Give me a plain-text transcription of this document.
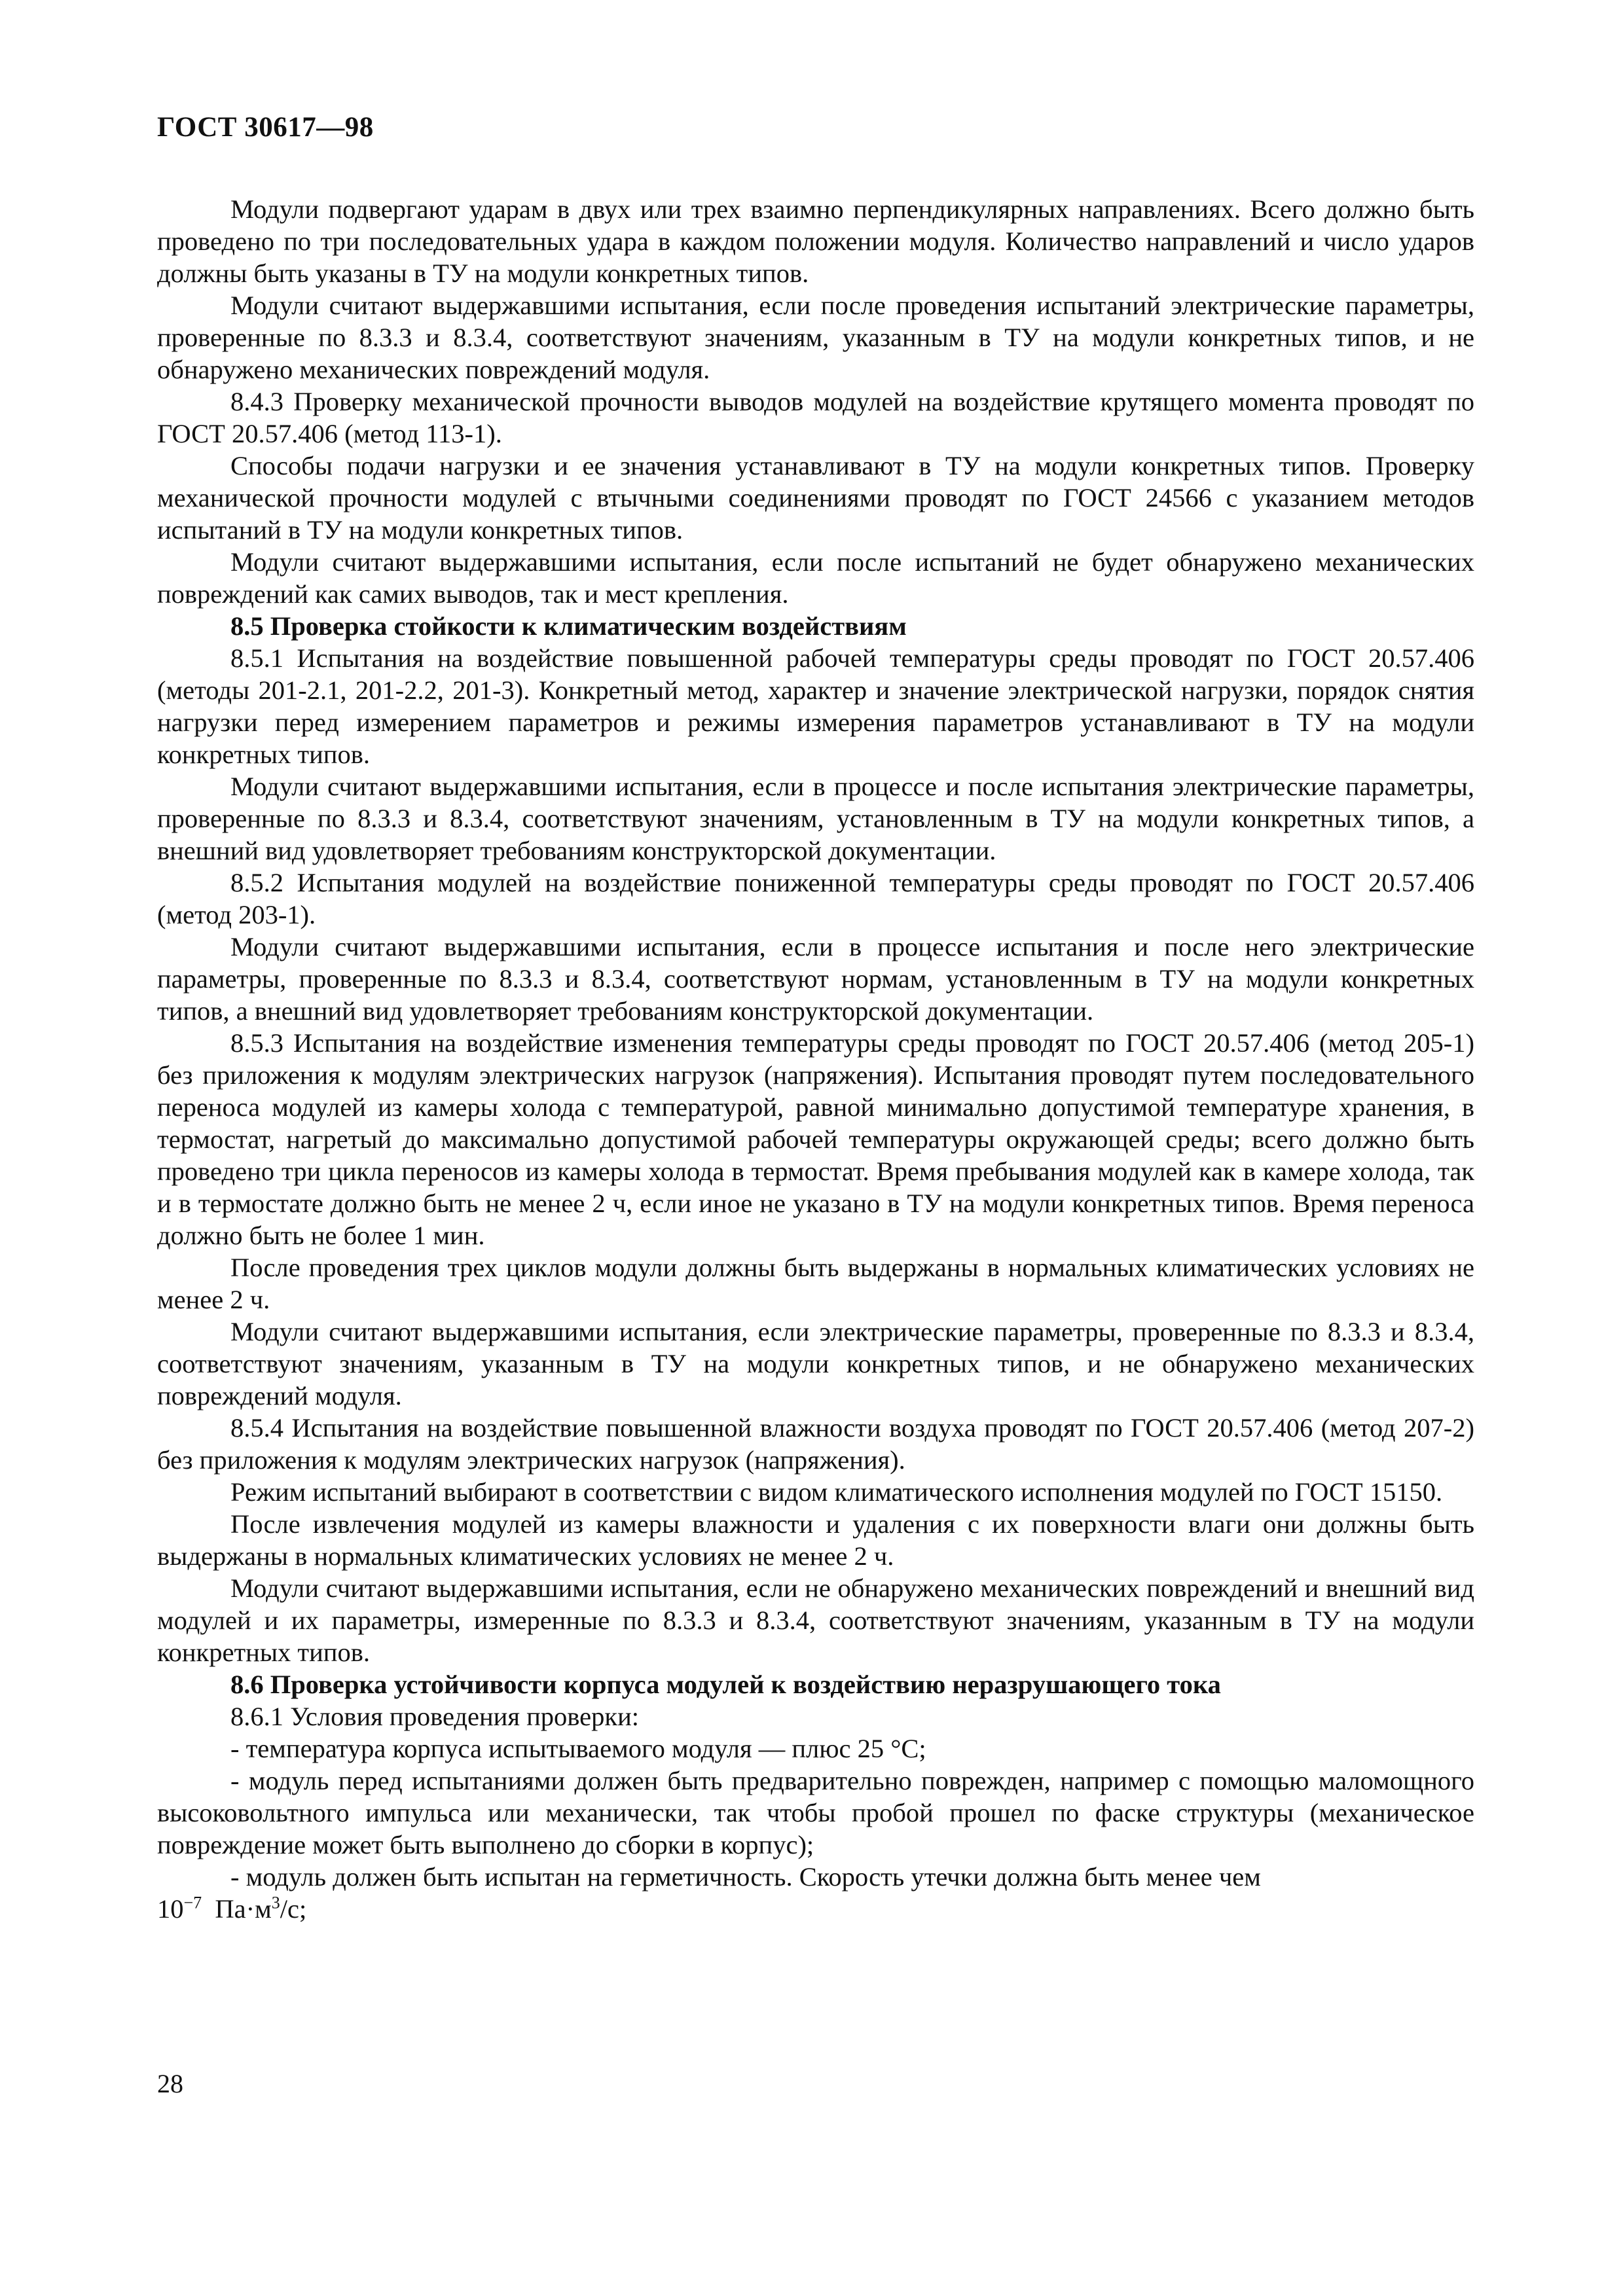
ГОСТ 30617—98

Модули подвергают ударам в двух или трех взаимно перпендикулярных направлениях. Всего должно быть проведено по три последовательных удара в каждом положении модуля. Количество направлений и число ударов должны быть указаны в ТУ на модули конкретных типов.

Модули считают выдержавшими испытания, если после проведения испытаний электрические параметры, проверенные по 8.3.3 и 8.3.4, соответствуют значениям, указанным в ТУ на модули конкретных типов, и не обнаружено механических повреждений модуля.

8.4.3 Проверку механической прочности выводов модулей на воздействие крутящего момента проводят по ГОСТ 20.57.406 (метод 113-1).

Способы подачи нагрузки и ее значения устанавливают в ТУ на модули конкретных типов. Проверку механической прочности модулей с втычными соединениями проводят по ГОСТ 24566 с указанием методов испытаний в ТУ на модули конкретных типов.

Модули считают выдержавшими испытания, если после испытаний не будет обнаружено механических повреждений как самих выводов, так и мест крепления.

8.5 Проверка стойкости к климатическим воздействиям

8.5.1 Испытания на воздействие повышенной рабочей температуры среды проводят по ГОСТ 20.57.406 (методы 201-2.1, 201-2.2, 201-3). Конкретный метод, характер и значение электрической нагрузки, порядок снятия нагрузки перед измерением параметров и режимы измерения параметров устанавливают в ТУ на модули конкретных типов.

Модули считают выдержавшими испытания, если в процессе и после испытания электрические параметры, проверенные по 8.3.3 и 8.3.4, соответствуют значениям, установленным в ТУ на модули конкретных типов, а внешний вид удовлетворяет требованиям конструкторской документации.

8.5.2 Испытания модулей на воздействие пониженной температуры среды проводят по ГОСТ 20.57.406 (метод 203-1).

Модули считают выдержавшими испытания, если в процессе испытания и после него электрические параметры, проверенные по 8.3.3 и 8.3.4, соответствуют нормам, установленным в ТУ на модули конкретных типов, а внешний вид удовлетворяет требованиям конструкторской документации.

8.5.3 Испытания на воздействие изменения температуры среды проводят по ГОСТ 20.57.406 (метод 205-1) без приложения к модулям электрических нагрузок (напряжения). Испытания проводят путем последовательного переноса модулей из камеры холода с температурой, равной минимально допустимой температуре хранения, в термостат, нагретый до максимально допустимой рабочей температуры окружающей среды; всего должно быть проведено три цикла переносов из камеры холода в термостат. Время пребывания модулей как в камере холода, так и в термостате должно быть не менее 2 ч, если иное не указано в ТУ на модули конкретных типов. Время переноса должно быть не более 1 мин.

После проведения трех циклов модули должны быть выдержаны в нормальных климатических условиях не менее 2 ч.

Модули считают выдержавшими испытания, если электрические параметры, проверенные по 8.3.3 и 8.3.4, соответствуют значениям, указанным в ТУ на модули конкретных типов, и не обнаружено механических повреждений модуля.

8.5.4 Испытания на воздействие повышенной влажности воздуха проводят по ГОСТ 20.57.406 (метод 207-2) без приложения к модулям электрических нагрузок (напряжения).

Режим испытаний выбирают в соответствии с видом климатического исполнения модулей по ГОСТ 15150.

После извлечения модулей из камеры влажности и удаления с их поверхности влаги они должны быть выдержаны в нормальных климатических условиях не менее 2 ч.

Модули считают выдержавшими испытания, если не обнаружено механических повреждений и внешний вид модулей и их параметры, измеренные по 8.3.3 и 8.3.4, соответствуют значениям, указанным в ТУ на модули конкретных типов.

8.6 Проверка устойчивости корпуса модулей к воздействию неразрушающего тока

8.6.1 Условия проведения проверки:

- температура корпуса испытываемого модуля — плюс 25 °С;

- модуль перед испытаниями должен быть предварительно поврежден, например с помощью маломощного высоковольтного импульса или механически, так чтобы пробой прошел по фаске структуры (механическое повреждение может быть выполнено до сборки в корпус);

- модуль должен быть испытан на герметичность. Скорость утечки должна быть менее чем

$10^{-7}$ $Па\cdot м^3/с$;

28
